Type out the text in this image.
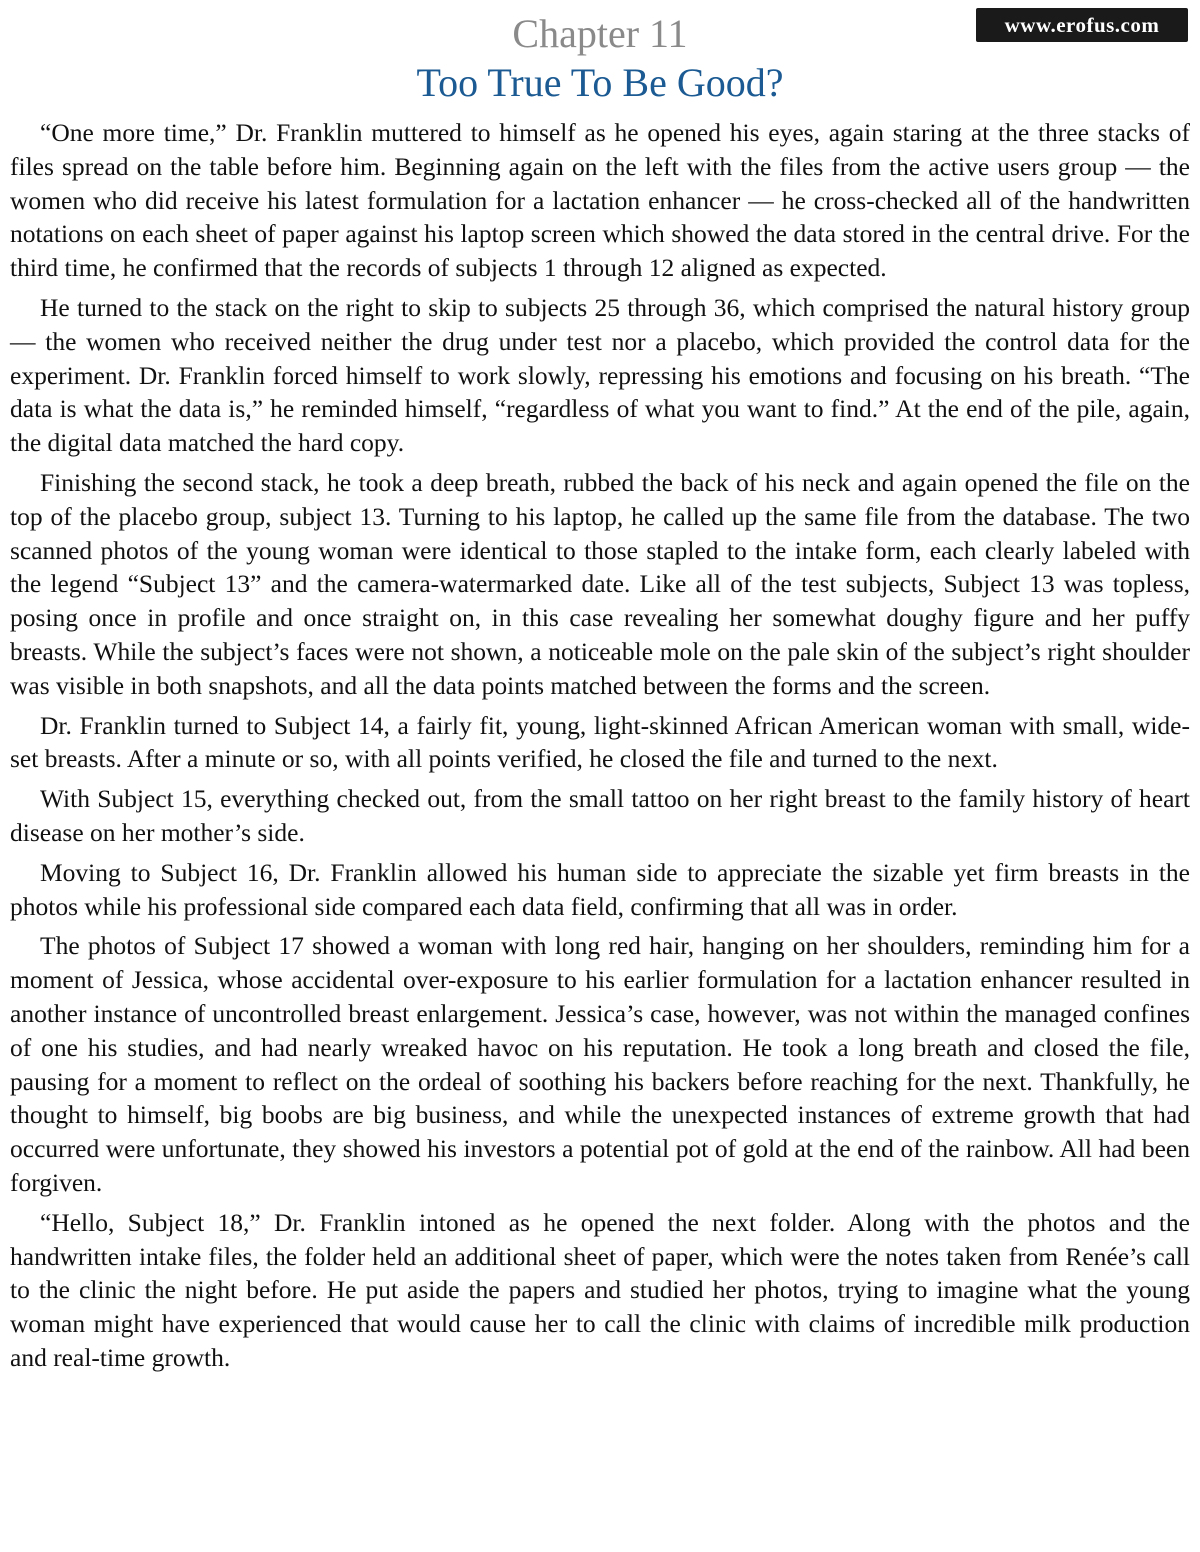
www.erofus.com
Chapter 11
Too True To Be Good?

“One more time,” Dr. Franklin muttered to himself as he opened his eyes, again staring at the three stacks of files spread on the table before him. Beginning again on the left with the files from the active users group — the women who did receive his latest formulation for a lactation enhancer — he cross-checked all of the handwritten notations on each sheet of paper against his laptop screen which showed the data stored in the central drive. For the third time, he confirmed that the records of subjects 1 through 12 aligned as expected.

He turned to the stack on the right to skip to subjects 25 through 36, which comprised the natural history group — the women who received neither the drug under test nor a placebo, which provided the control data for the experiment. Dr. Franklin forced himself to work slowly, repressing his emotions and focusing on his breath. “The data is what the data is,” he reminded himself, “regardless of what you want to find.” At the end of the pile, again, the digital data matched the hard copy.

Finishing the second stack, he took a deep breath, rubbed the back of his neck and again opened the file on the top of the placebo group, subject 13. Turning to his laptop, he called up the same file from the database. The two scanned photos of the young woman were identical to those stapled to the intake form, each clearly labeled with the legend “Subject 13” and the camera-watermarked date. Like all of the test subjects, Subject 13 was topless, posing once in profile and once straight on, in this case revealing her somewhat doughy figure and her puffy breasts. While the subject’s faces were not shown, a noticeable mole on the pale skin of the subject’s right shoulder was visible in both snapshots, and all the data points matched between the forms and the screen.

Dr. Franklin turned to Subject 14, a fairly fit, young, light-skinned African American woman with small, wide-set breasts. After a minute or so, with all points verified, he closed the file and turned to the next.

With Subject 15, everything checked out, from the small tattoo on her right breast to the family history of heart disease on her mother’s side.

Moving to Subject 16, Dr. Franklin allowed his human side to appreciate the sizable yet firm breasts in the photos while his professional side compared each data field, confirming that all was in order.

The photos of Subject 17 showed a woman with long red hair, hanging on her shoulders, reminding him for a moment of Jessica, whose accidental over-exposure to his earlier formulation for a lactation enhancer resulted in another instance of uncontrolled breast enlargement. Jessica’s case, however, was not within the managed confines of one his studies, and had nearly wreaked havoc on his reputation. He took a long breath and closed the file, pausing for a moment to reflect on the ordeal of soothing his backers before reaching for the next. Thankfully, he thought to himself, big boobs are big business, and while the unexpected instances of extreme growth that had occurred were unfortunate, they showed his investors a potential pot of gold at the end of the rainbow. All had been forgiven.

“Hello, Subject 18,” Dr. Franklin intoned as he opened the next folder. Along with the photos and the handwritten intake files, the folder held an additional sheet of paper, which were the notes taken from Renée’s call to the clinic the night before. He put aside the papers and studied her photos, trying to imagine what the young woman might have experienced that would cause her to call the clinic with claims of incredible milk production and real-time growth.
